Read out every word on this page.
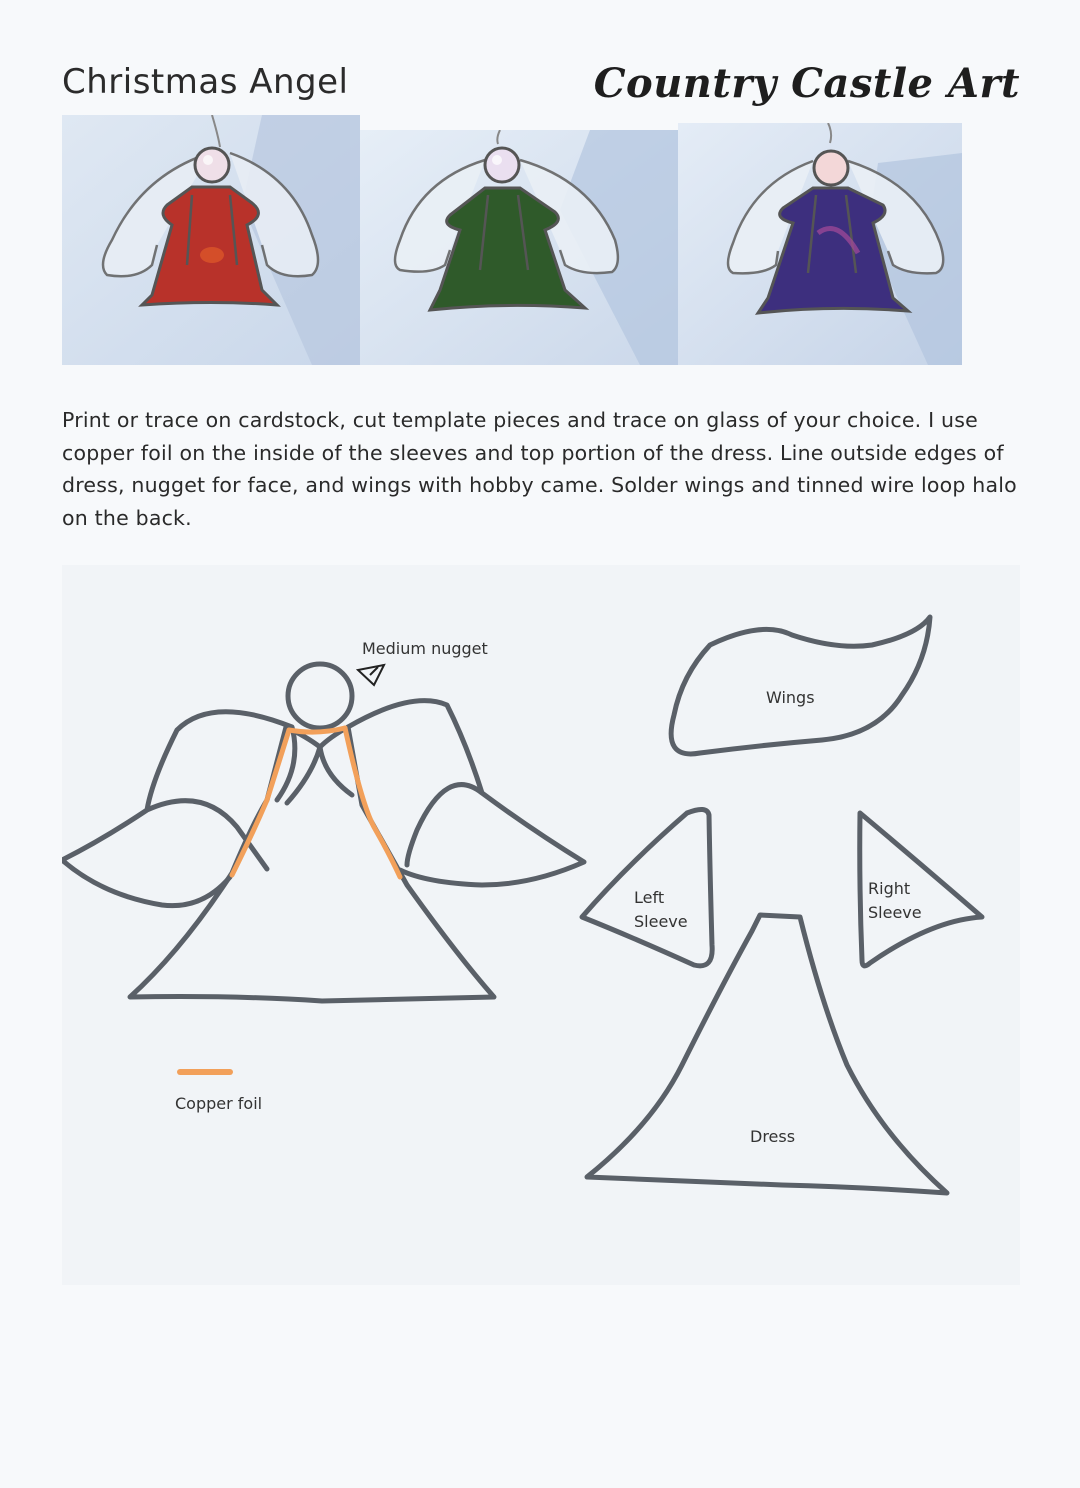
Christmas Angel	Country Castle Art

Print or trace on cardstock, cut template pieces and trace on glass of your choice. I use copper foil on the inside of the sleeves and top portion of the dress. Line outside edges of dress, nugget for face, and wings with hobby came. Solder wings and tinned wire loop halo on the back.

Medium nugget
Copper foil
Wings
Left
Sleeve
Right
Sleeve
Dress
